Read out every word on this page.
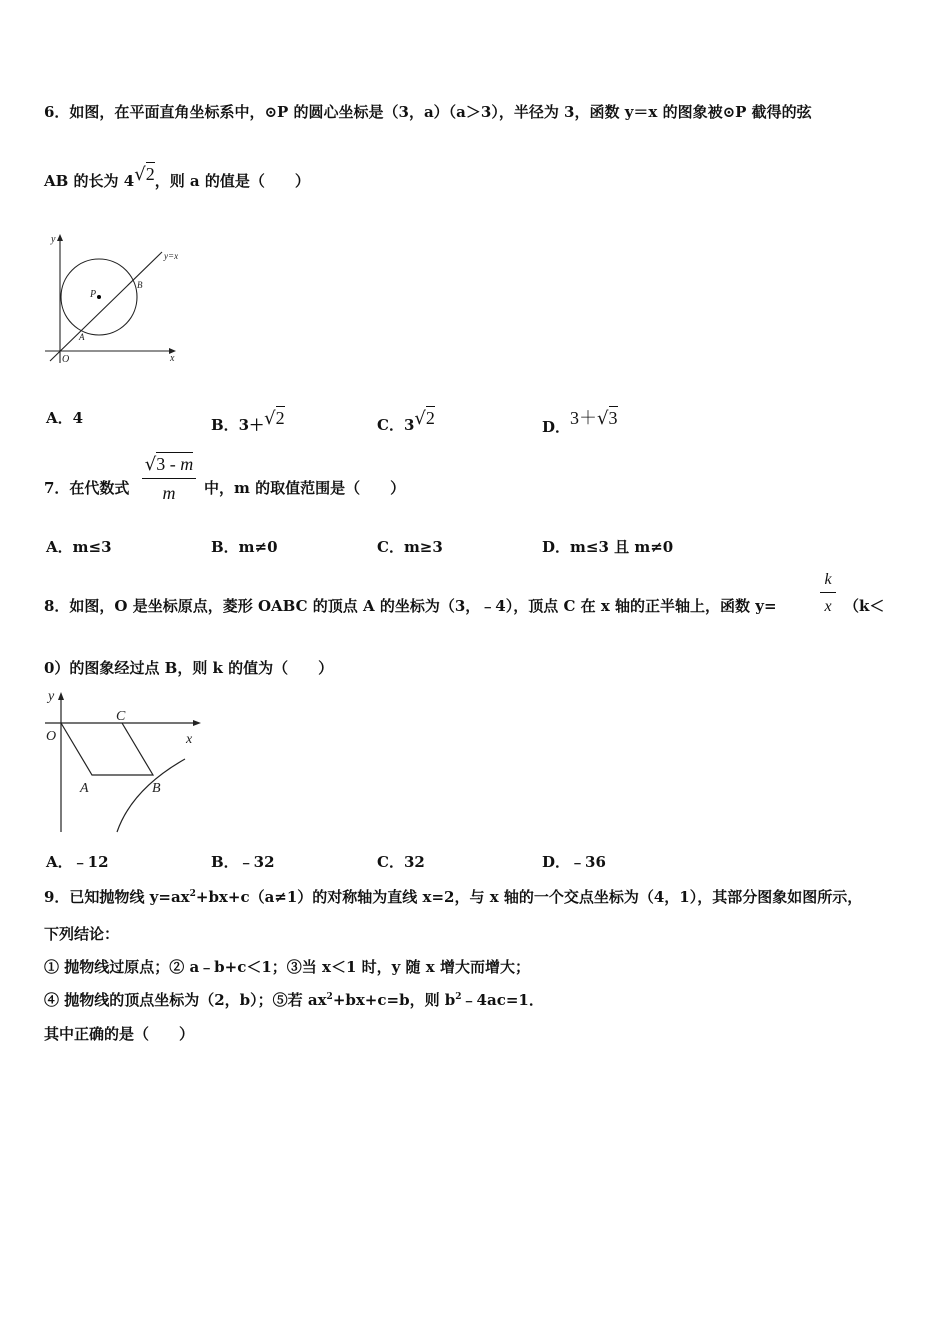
6．如图，在平面直角坐标系中，⊙P 的圆心坐标是（3，a）（a＞3），半径为 3，函数 y＝x 的图象被⊙P 截得的弦
AB 的长为 4√2，则 a 的值是（　　）
y
x
O
P
A
B
y=x
A．4	B．3＋√2	C．3√2	D．3＋√3
7．在代数式
√3 - m
m	中，m 的取值范围是（　　）
A．m≤3	B．m≠0	C．m≥3	D．m≤3 且 m≠0
8．如图，O 是坐标原点，菱形 OABC 的顶点 A 的坐标为（3，﹣4），顶点 C 在 x 轴的正半轴上，函数 y=
k
x （k＜
0）的图象经过点 B，则 k 的值为（　　）
y
x
O
C
A	B
A．﹣12	B．﹣32	C．32	D．﹣36
9．已知抛物线 $y=ax^2+bx+c(a\ne 1)$的对称轴为直线 x=2，与 x 轴的一个交点坐标为（4，1），其部分图象如图所示，
下列结论：
① 抛物线过原点；② a﹣b+c＜1；③当 x＜1 时，y 随 x 增大而增大；
④ 抛物线的顶点坐标为（2，b）；⑤若 $ax^2+bx+c=b$，则 $b^2﹣4ac=1$．
其中正确的是（　　）
